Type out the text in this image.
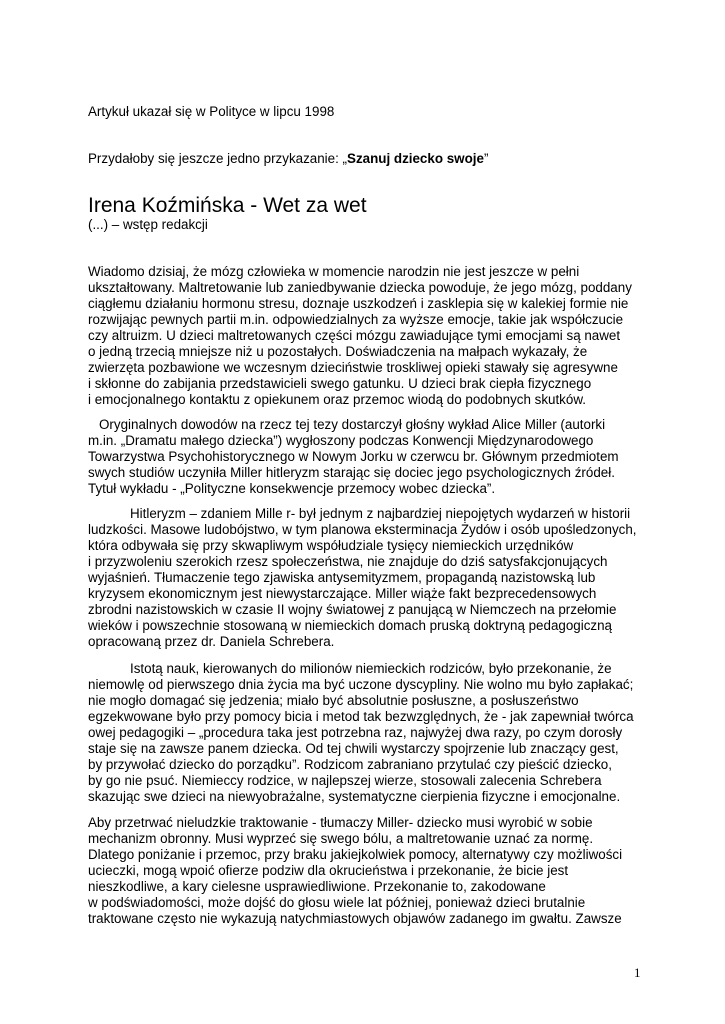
Artykuł ukazał się w Polityce w lipcu 1998
Przydałoby się jeszcze jedno przykazanie: „Szanuj dziecko swoje”
Irena Koźmińska - Wet za wet
(...) – wstęp redakcji
Wiadomo dzisiaj, że mózg człowieka w momencie narodzin nie jest jeszcze w pełni
ukształtowany. Maltretowanie lub zaniedbywanie dziecka powoduje, że jego mózg, poddany
ciągłemu działaniu hormonu stresu, doznaje uszkodzeń i zasklepia się w kalekiej formie nie
rozwijając pewnych partii m.in. odpowiedzialnych za wyższe emocje, takie jak współczucie
czy altruizm. U dzieci maltretowanych części mózgu zawiadujące tymi emocjami są nawet
o jedną trzecią mniejsze niż u pozostałych. Doświadczenia na małpach wykazały, że
zwierzęta pozbawione we wczesnym dzieciństwie troskliwej opieki stawały się agresywne
i skłonne do zabijania przedstawicieli swego gatunku. U dzieci brak ciepła fizycznego
i emocjonalnego kontaktu z opiekunem oraz przemoc wiodą do podobnych skutków.
Oryginalnych dowodów na rzecz tej tezy dostarczył głośny wykład Alice Miller (autorki
m.in. „Dramatu małego dziecka”) wygłoszony podczas Konwencji Międzynarodowego
Towarzystwa Psychohistorycznego w Nowym Jorku w czerwcu br. Głównym przedmiotem
swych studiów uczyniła Miller hitleryzm starając się dociec jego psychologicznych źródeł.
Tytuł wykładu - „Polityczne konsekwencje przemocy wobec dziecka”.
Hitleryzm – zdaniem Mille r- był jednym z najbardziej niepojętych wydarzeń w historii
ludzkości. Masowe ludobójstwo, w tym planowa eksterminacja Żydów i osób upośledzonych,
która odbywała się przy skwapliwym współudziale tysięcy niemieckich urzędników
i przyzwoleniu szerokich rzesz społeczeństwa, nie znajduje do dziś satysfakcjonujących
wyjaśnień. Tłumaczenie tego zjawiska antysemityzmem, propagandą nazistowską lub
kryzysem ekonomicznym jest niewystarczające. Miller wiąże fakt bezprecedensowych
zbrodni nazistowskich w czasie II wojny światowej z panującą w Niemczech na przełomie
wieków i powszechnie stosowaną w niemieckich domach pruską doktryną pedagogiczną
opracowaną przez dr. Daniela Schrebera.
Istotą nauk, kierowanych do milionów niemieckich rodziców, było przekonanie, że
niemowlę od pierwszego dnia życia ma być uczone dyscypliny. Nie wolno mu było zapłakać;
nie mogło domagać się jedzenia; miało być absolutnie posłuszne, a posłuszeństwo
egzekwowane było przy pomocy bicia i metod tak bezwzględnych, że - jak zapewniał twórca
owej pedagogiki – „procedura taka jest potrzebna raz, najwyżej dwa razy, po czym dorosły
staje się na zawsze panem dziecka. Od tej chwili wystarczy spojrzenie lub znaczący gest,
by przywołać dziecko do porządku”. Rodzicom zabraniano przytulać czy pieścić dziecko,
by go nie psuć. Niemieccy rodzice, w najlepszej wierze, stosowali zalecenia Schrebera
skazując swe dzieci na niewyobrażalne, systematyczne cierpienia fizyczne i emocjonalne.
Aby przetrwać nieludzkie traktowanie - tłumaczy Miller- dziecko musi wyrobić w sobie
mechanizm obronny. Musi wyprzeć się swego bólu, a maltretowanie uznać za normę.
Dlatego poniżanie i przemoc, przy braku jakiejkolwiek pomocy, alternatywy czy możliwości
ucieczki, mogą wpoić ofierze podziw dla okrucieństwa i przekonanie, że bicie jest
nieszkodliwe, a kary cielesne usprawiedliwione. Przekonanie to, zakodowane
w podświadomości, może dojść do głosu wiele lat później, ponieważ dzieci brutalnie
traktowane często nie wykazują natychmiastowych objawów zadanego im gwałtu. Zawsze
1
